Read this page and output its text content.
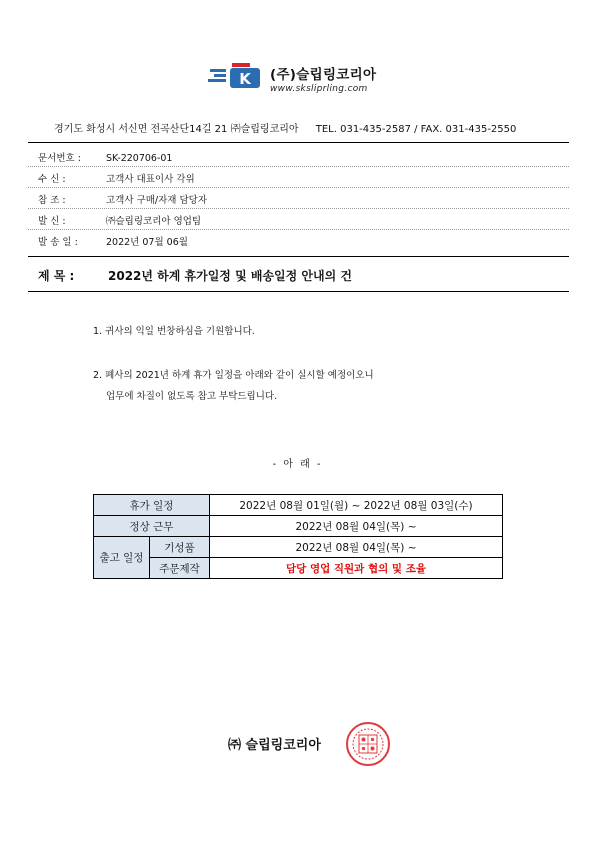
K (주)슬립링코리아
www.sksliprling.com
경기도 화성시 서신면 전곡산단14길 21 ㈜슬립링코리아 TEL. 031-435-2587 / FAX. 031-435-2550
문서번호 :	SK-220706-01
수 신 :	고객사 대표이사 각위
참 조 :	고객사 구매/자재 담당자
발 신 :	㈜슬립링코리아 영업팀
발 송 일 :	2022년 07월 06월
제 목 :	2022년 하계 휴가일정 및 배송일정 안내의 건
1. 귀사의 익일 번창하심을 기원합니다.
2. 폐사의 2021년 하계 휴가 일정을 아래와 같이 실시할 예정이오니
업무에 차질이 없도록 참고 부탁드립니다.
- 아 래 -
휴가 일정		2022년 08월 01일(월) ~ 2022년 08월 03일(수)
정상 근무		2022년 08월 04일(목) ~
출고 일정	기성품	2022년 08월 04일(목) ~
	주문제작	담당 영업 직원과 협의 및 조율
㈜ 슬립링코리아
